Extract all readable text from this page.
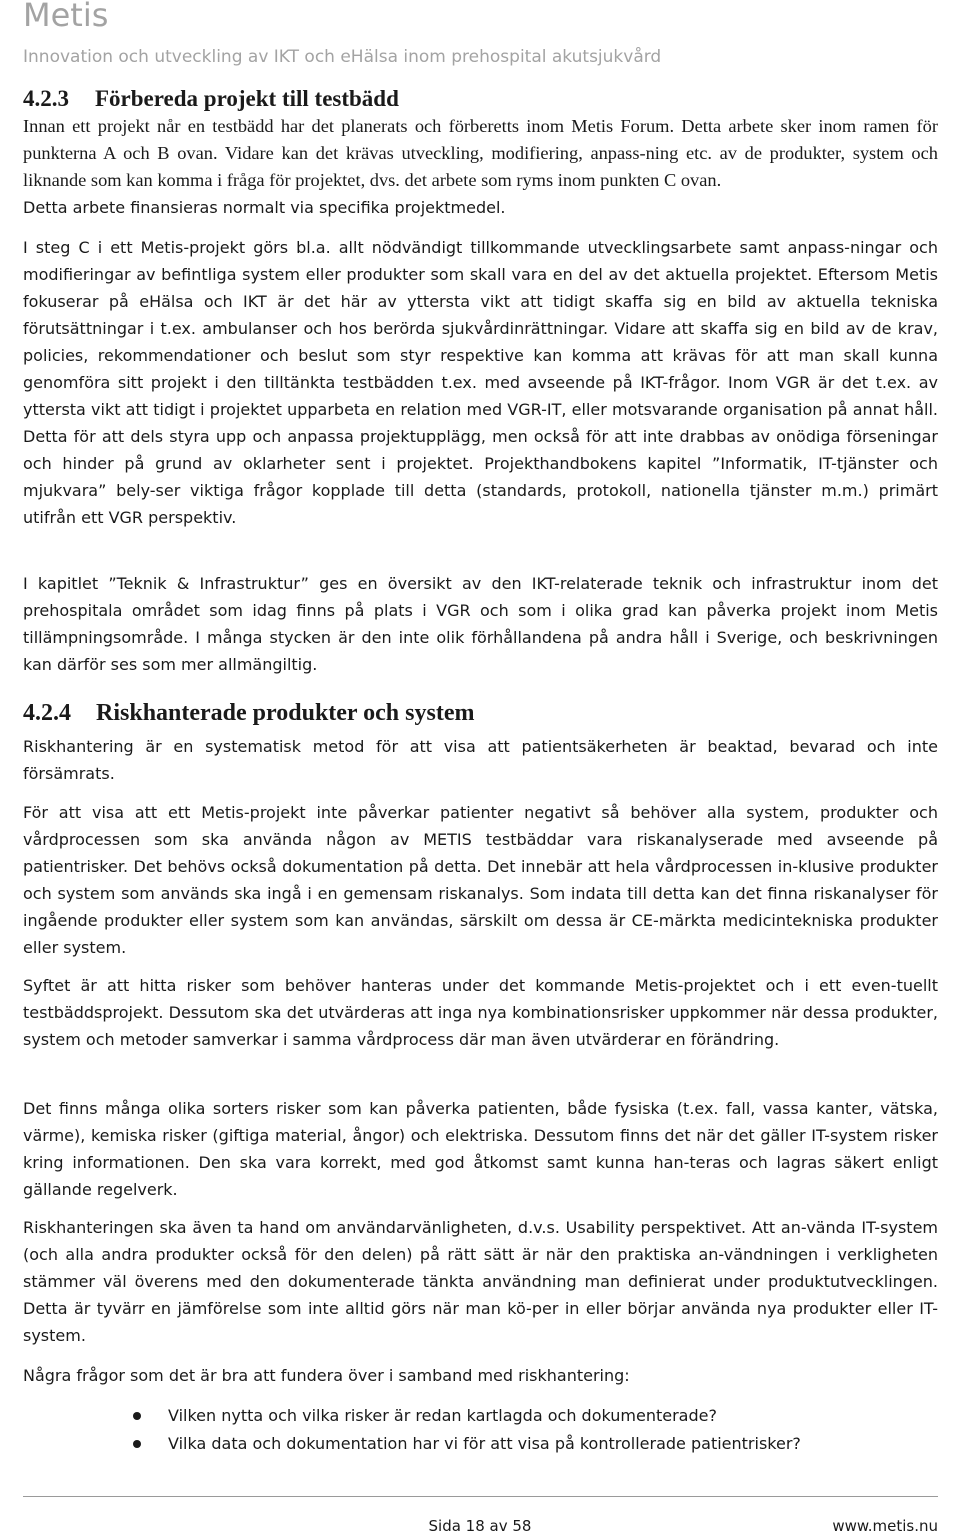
Metis
Innovation och utveckling av IKT och eHälsa inom prehospital akutsjukvård
4.2.3 Förbereda projekt till testbädd

Innan ett projekt når en testbädd har det planerats och förberetts inom Metis Forum. Detta arbete sker inom ramen för punkterna A och B ovan. Vidare kan det krävas utveckling, modifiering, anpass-ning etc. av de produkter, system och liknande som kan komma i fråga för projektet, dvs. det arbete som ryms inom punkten C ovan.

Detta arbete finansieras normalt via specifika projektmedel.

I steg C i ett Metis-projekt görs bl.a. allt nödvändigt tillkommande utvecklingsarbete samt anpass-ningar och modifieringar av befintliga system eller produkter som skall vara en del av det aktuella projektet. Eftersom Metis fokuserar på eHälsa och IKT är det här av yttersta vikt att tidigt skaffa sig en bild av aktuella tekniska förutsättningar i t.ex. ambulanser och hos berörda sjukvårdinrättningar. Vidare att skaffa sig en bild av de krav, policies, rekommendationer och beslut som styr respektive kan komma att krävas för att man skall kunna genomföra sitt projekt i den tilltänkta testbädden t.ex. med avseende på IKT-frågor. Inom VGR är det t.ex. av yttersta vikt att tidigt i projektet upparbeta en relation med VGR-IT, eller motsvarande organisation på annat håll. Detta för att dels styra upp och anpassa projektupplägg, men också för att inte drabbas av onödiga förseningar och hinder på grund av oklarheter sent i projektet. Projekthandbokens kapitel ”Informatik, IT-tjänster och mjukvara” bely-ser viktiga frågor kopplade till detta (standards, protokoll, nationella tjänster m.m.) primärt utifrån ett VGR perspektiv.
I kapitlet ”Teknik & Infrastruktur” ges en översikt av den IKT-relaterade teknik och infrastruktur inom det prehospitala området som idag finns på plats i VGR och som i olika grad kan påverka projekt inom Metis tillämpningsområde. I många stycken är den inte olik förhållandena på andra håll i Sverige, och beskrivningen kan därför ses som mer allmängiltig.
4.2.4 Riskhanterade produkter och system
Riskhantering är en systematisk metod för att visa att patientsäkerheten är beaktad, bevarad och inte försämrats.
För att visa att ett Metis-projekt inte påverkar patienter negativt så behöver alla system, produkter och vårdprocessen som ska använda någon av METIS testbäddar vara riskanalyserade med avseende på patientrisker. Det behövs också dokumentation på detta. Det innebär att hela vårdprocessen in-klusive produkter och system som används ska ingå i en gemensam riskanalys. Som indata till detta kan det finna riskanalyser för ingående produkter eller system som kan användas, särskilt om dessa är CE-märkta medicintekniska produkter eller system.
Syftet är att hitta risker som behöver hanteras under det kommande Metis-projektet och i ett even-tuellt testbäddsprojekt. Dessutom ska det utvärderas att inga nya kombinationsrisker uppkommer när dessa produkter, system och metoder samverkar i samma vårdprocess där man även utvärderar en förändring.
Det finns många olika sorters risker som kan påverka patienten, både fysiska (t.ex. fall, vassa kanter, vätska, värme), kemiska risker (giftiga material, ångor) och elektriska. Dessutom finns det när det gäller IT-system risker kring informationen. Den ska vara korrekt, med god åtkomst samt kunna han-teras och lagras säkert enligt gällande regelverk.
Riskhanteringen ska även ta hand om användarvänligheten, d.v.s. Usability perspektivet. Att an-vända IT-system (och alla andra produkter också för den delen) på rätt sätt är när den praktiska an-vändningen i verkligheten stämmer väl överens med den dokumenterade tänkta användning man definierat under produktutvecklingen. Detta är tyvärr en jämförelse som inte alltid görs när man kö-per in eller börjar använda nya produkter eller IT-system.
Några frågor som det är bra att fundera över i samband med riskhantering:
Vilken nytta och vilka risker är redan kartlagda och dokumenterade?
Vilka data och dokumentation har vi för att visa på kontrollerade patientrisker?
Sida 18 av 58	www.metis.nu
